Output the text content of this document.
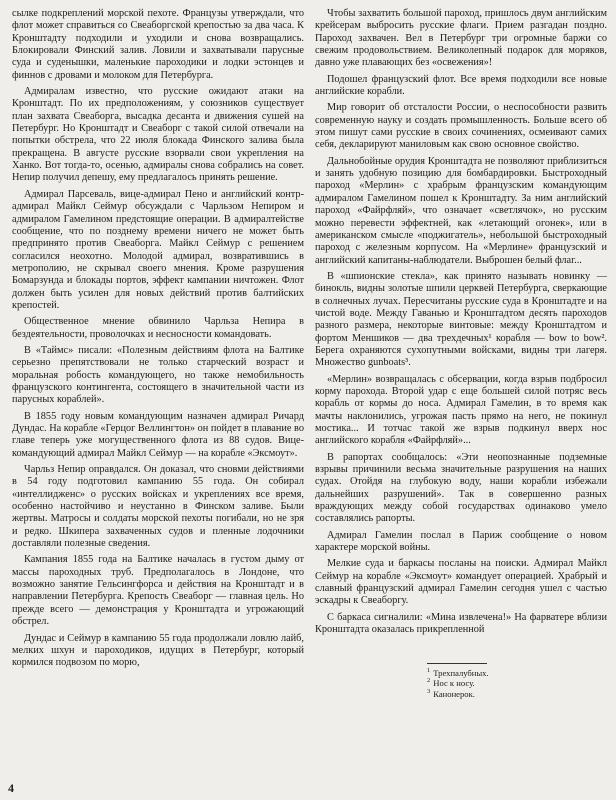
сылке подкреплений морской пехоте. Французы утверждали, что флот может справиться со Свеаборгской крепостью за два часа. К Кронштадту подходили и уходили и снова возвращались. Блокировали Финский залив. Ловили и захватывали парусные суда и суденышки, маленькие пароходики и лодки эстонцев и финнов с дровами и молоком для Петербурга.

Адмиралам известно, что русские ожидают атаки на Кронштадт. По их предположениям, у союзников существует план захвата Свеаборга, высадка десанта и движения сушей на Петербург. Но Кронштадт и Свеаборг с такой силой отвечали на попытки обстрела, что 22 июля блокада Финского залива была прекращена. В августе русские взорвали свои укрепления на Ханко. Вот тогда-то, осенью, адмиралы снова собрались на совет. Непир получил депешу, ему предлагалось принять решение.

Адмирал Парсеваль, вице-адмирал Пено и английский контр-адмирал Майкл Сеймур обсуждали с Чарльзом Непиром и адмиралом Гамелином предстоящие операции. В адмиралтействе сообщение, что по позднему времени ничего не может быть предпринято против Свеаборга. Майкл Сеймур с решением согласился неохотно. Молодой адмирал, возвратившись в метрополию, не скрывал своего мнения. Кроме разрушения Бомарзунда и блокады портов, эффект кампании ничтожен. Флот должен быть усилен для новых действий против балтийских крепостей.

Общественное мнение обвинило Чарльза Непира в бездеятельности, проволочках и несносности командовать.

В «Таймс» писали: «Полезным действиям флота на Балтике серьезно препятствовали не только старческий возраст и моральная робость командующего, но также немобильность французского контингента, состоящего в значительной части из парусных кораблей».

В 1855 году новым командующим назначен адмирал Ричард Дундас. На корабле «Герцог Веллингтон» он пойдет в плавание во главе теперь уже могущественного флота из 88 судов. Вице-командующий адмирал Майкл Сеймур — на корабле «Эксмоут».

Чарльз Непир оправдался. Он доказал, что сновми действиями в 54 году подготовил кампанию 55 года. Он собирал «интеллидженс» о русских войсках и укреплениях все время, особенно настойчиво и неустанно в Финском заливе. Были жертвы. Матросы и солдаты морской пехоты погибали, но не зря и редко. Шкипера захваченных судов и пленные лодочники доставляли полезные сведения.

Кампания 1855 года на Балтике началась в густом дыму от массы пароходных труб. Предполагалось в Лондоне, что возможно занятие Гельсингфорса и действия на Кронштадт и в направлении Петербурга. Крепость Свеаборг — главная цель. Но прежде всего — демонстрация у Кронштадта и угрожающий обстрел.

Дундас и Сеймур в кампанию 55 года продолжали ловлю лайб, мелких шхун и пароходиков, идущих в Петербург, который кормился подвозом по морю,

Чтобы захватить большой пароход, пришлось двум английским крейсерам выбросить русские флаги. Прием разгадан поздно. Пароход захвачен. Вел в Петербург три огромные баржи со свежим продовольствием. Великолепный подарок для моряков, давно уже плавающих без «освежения»!

Подошел французский флот. Все время подходили все новые английские корабли.

Мир говорит об отсталости России, о неспособности развить современную науку и создать промышленность. Больше всего об этом пишут сами русские в своих сочинениях, осмеивают самих себя, декларируют маниловым как свою основное свойство.

Дальнобойные орудия Кронштадта не позволяют приблизиться и занять удобную позицию для бомбардировки. Быстроходный пароход «Мерлин» с храбрым французским командующим адмиралом Гамелином пошел к Кронштадту. За ним английский пароход «Файрфляй», что означает «светлячок», но русским можно перевести эффектней, как «летающий огонек», или в американском смысле «поджигатель», небольшой быстроходный пароход с железным корпусом. На «Мерлине» французский и английский капитаны-наблюдатели. Выброшен белый флаг...

В «шпионские стекла», как принято называть новинку — бинокль, видны золотые шпили церквей Петербурга, сверкающие в солнечных лучах. Пересчитаны русские суда в Кронштадте и на чистой воде. Между Гаванью и Кронштадтом десять пароходов разного размера, некоторые винтовые: между Кронштадтом и фортом Меншиков — два трехдечных¹ корабля — bow to bow². Берега охраняются сухопутными войсками, видны три лагеря. Множество gunboats³.

«Мерлин» возвращалась с обсервации, когда взрыв подбросил корму парохода. Второй удар с еще большей силой потряс весь корабль от кормы до носа. Адмирал Гамелин, в то время как мачты наклонились, угрожая пасть прямо на него, не покинул мостика... И тотчас такой же взрыв подкинул вверх нос английского корабля «Файрфляй»...

В рапортах сообщалось: «Эти неопознанные подземные взрывы причинили весьма значительные разрушения на наших судах. Отойдя на глубокую воду, наши корабли избежали дальнейших разрушений». Так в совершенно разных враждующих между собой государствах одинаково умело составлялись рапорты.

Адмирал Гамелин послал в Париж сообщение о новом характере морской войны.

Мелкие суда и баркасы посланы на поиски. Адмирал Майкл Сеймур на корабле «Эксмоут» командует операцией. Храбрый и славный французский адмирал Гамелин сегодня ушел с частью эскадры к Свеаборгу.

С баркаса сигналили: «Мина извлечена!» На фарватере вблизи Кронштадта оказалась прикрепленной

$^1$ Трехпалубных.
$^2$ Нос к носу.
$^3$ Канонерок.
4
